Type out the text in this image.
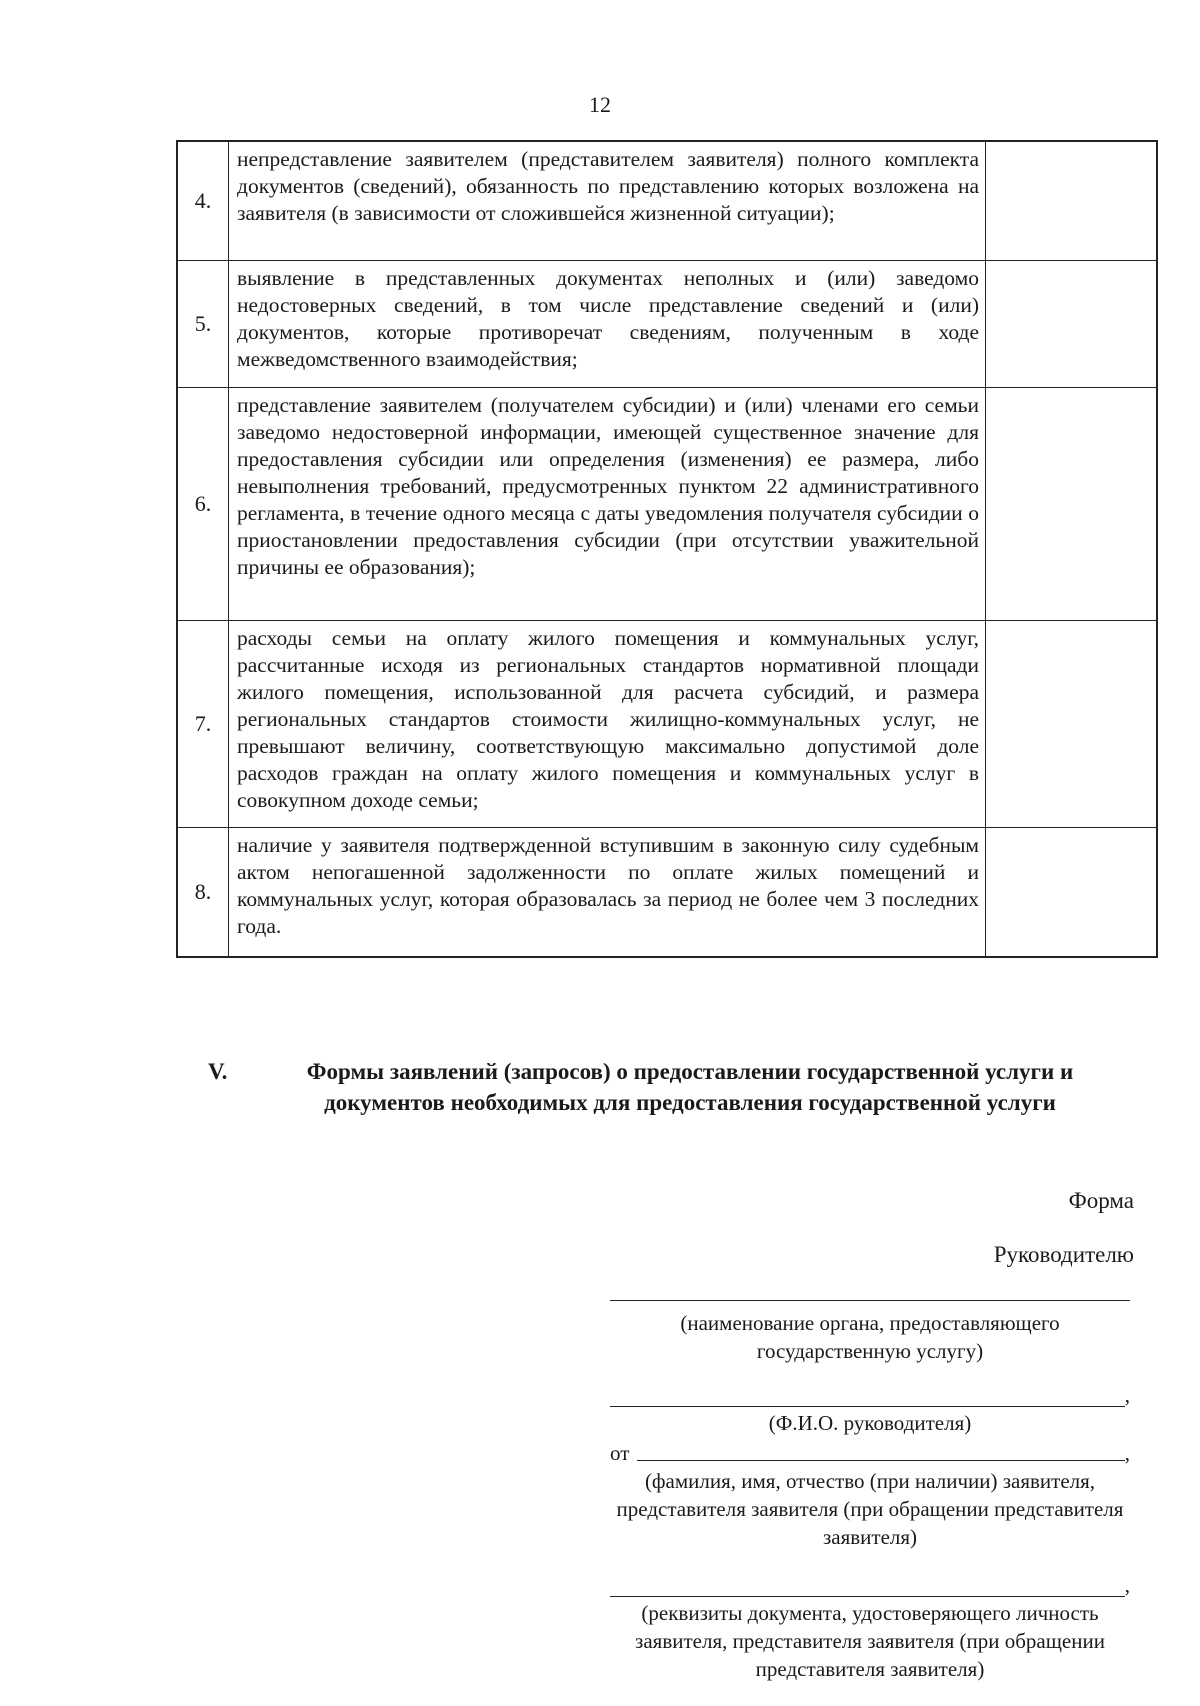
12
4.
непредставление заявителем (представителем заявителя) полного комплекта документов (сведений), обязанность по представлению которых возложена на заявителя (в зависимости от сложившейся жизненной ситуации);
5.
выявление в представленных документах неполных и (или) заведомо недостоверных сведений, в том числе представление сведений и (или) документов, которые противоречат сведениям, полученным в ходе межведомственного взаимодействия;
6.
представление заявителем (получателем субсидии) и (или) членами его семьи заведомо недостоверной информации, имеющей существенное значение для предоставления субсидии или определения (изменения) ее размера, либо невыполнения требований, предусмотренных пунктом 22 административного регламента, в течение одного месяца с даты уведомления получателя субсидии о приостановлении предоставления субсидии (при отсутствии уважительной причины ее образования);
7.
расходы семьи на оплату жилого помещения и коммунальных услуг, рассчитанные исходя из региональных стандартов нормативной площади жилого помещения, использованной для расчета субсидий, и размера региональных стандартов стоимости жилищно-коммунальных услуг, не превышают величину, соответствующую максимально допустимой доле расходов граждан на оплату жилого помещения и коммунальных услуг в совокупном доходе семьи;
8.
наличие у заявителя подтвержденной вступившим в законную силу судебным актом непогашенной задолженности по оплате жилых помещений и коммунальных услуг, которая образовалась за период не более чем 3 последних года.
V.	Формы заявлений (запросов) о предоставлении государственной услуги и документов необходимых для предоставления государственной услуги
Форма
Руководителю
(наименование органа, предоставляющего государственную услугу)
,
(Ф.И.О. руководителя)
от	,
(фамилия, имя, отчество (при наличии) заявителя, представителя заявителя (при обращении представителя заявителя)
,
(реквизиты документа, удостоверяющего личность заявителя, представителя заявителя (при обращении представителя заявителя)
